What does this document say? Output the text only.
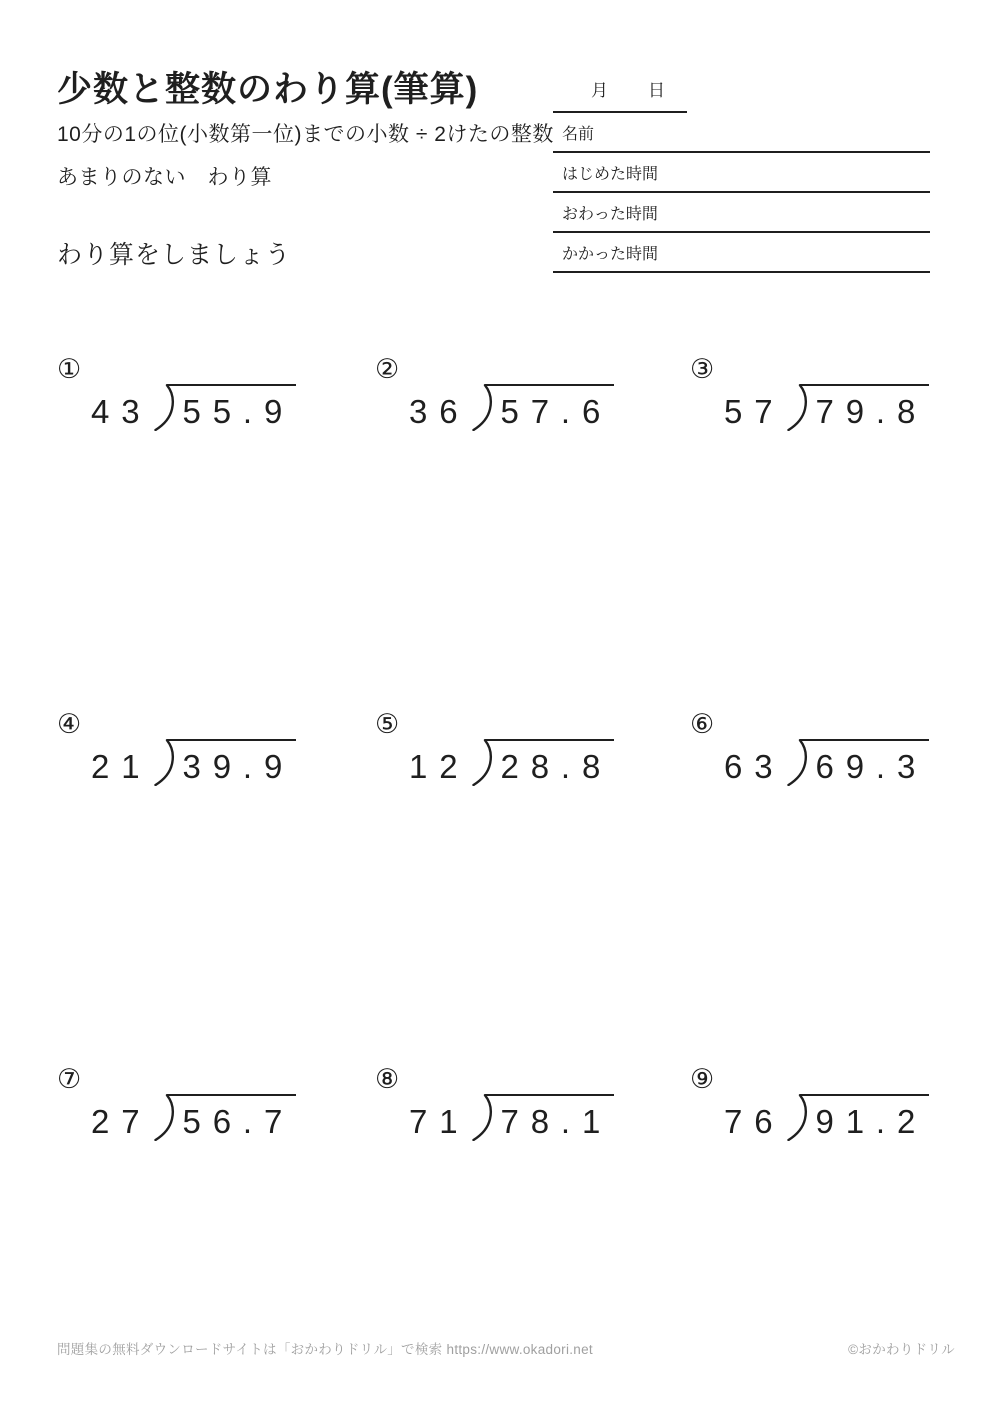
少数と整数のわり算(筆算)
10分の1の位(小数第一位)までの小数 ÷ 2けたの整数
あまりのない　わり算
わり算をしましょう
月 日
名前
はじめた時間
おわった時間
かかった時間
①
43 55.9
②
36 57.6
③
57 79.8
④
21 39.9
⑤
12 28.8
⑥
63 69.3
⑦
27 56.7
⑧
71 78.1
⑨
76 91.2
問題集の無料ダウンロードサイトは「おかわりドリル」で検索 https://www.okadori.net	©おかわりドリル
